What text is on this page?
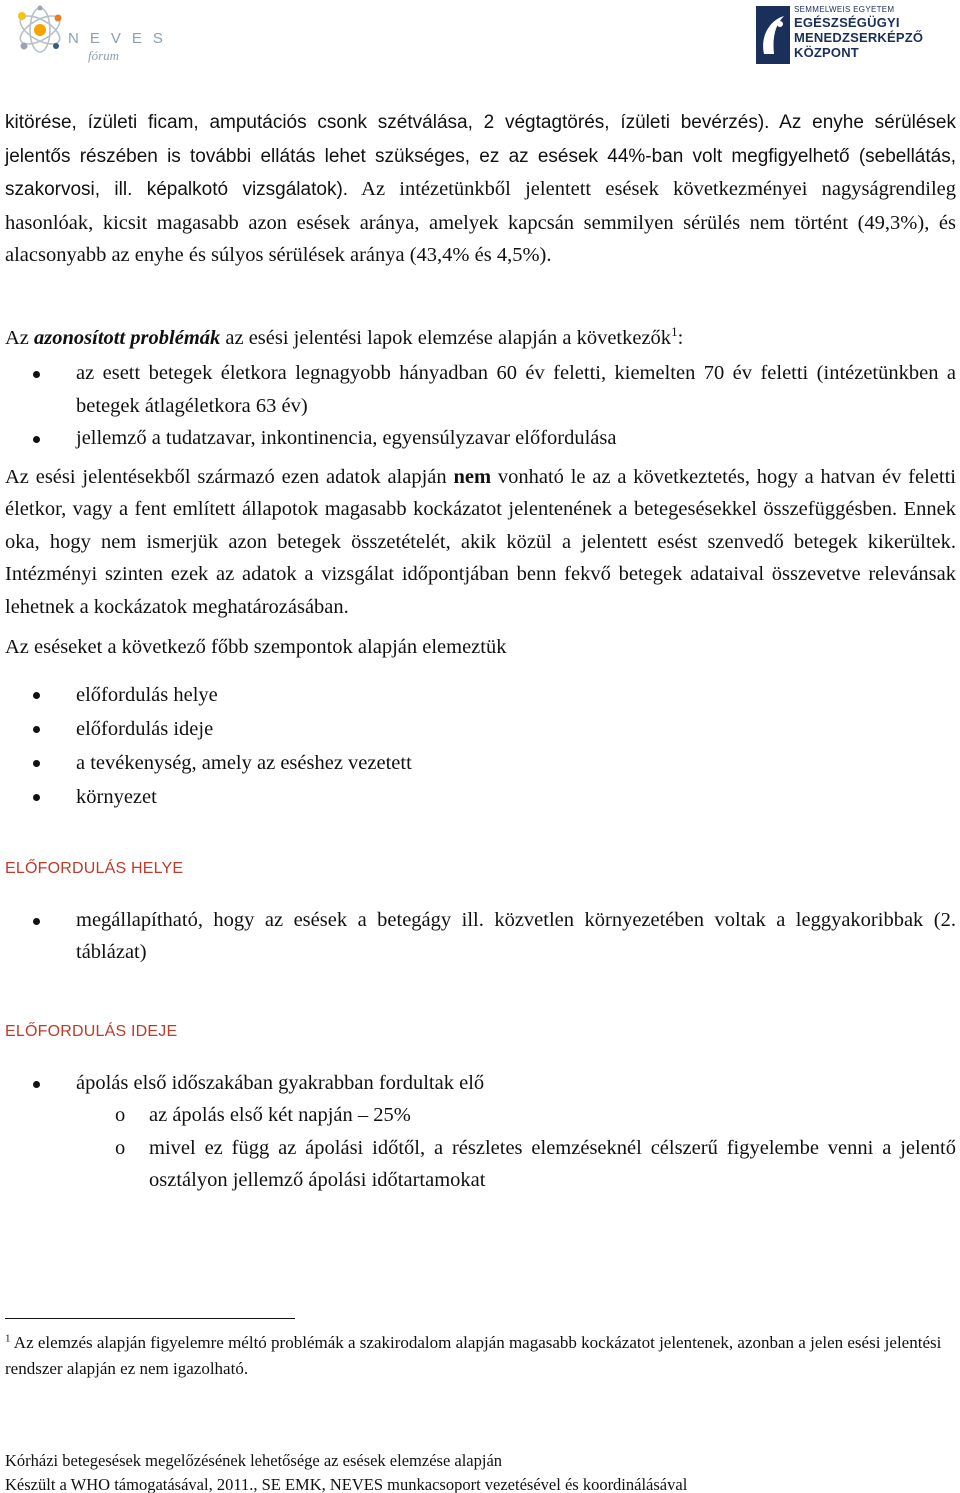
NEVES
fórum
SEMMELWEIS EGYETEM
EGÉSZSÉGÜGYI
MENEDZSERKÉPZŐ
KÖZPONT

kitörése, ízületi ficam, amputációs csonk szétválása, 2 végtagtörés, ízületi bevérzés). Az enyhe sérülések jelentős részében is további ellátás lehet szükséges, ez az esések 44%-ban volt megfigyelhető (sebellátás, szakorvosi, ill. képalkotó vizsgálatok). Az intézetünkből jelentett esések következményei nagyságrendileg hasonlóak, kicsit magasabb azon esések aránya, amelyek kapcsán semmilyen sérülés nem történt (49,3%), és alacsonyabb az enyhe és súlyos sérülések aránya (43,4% és 4,5%).

Az azonosított problémák az esési jelentési lapok elemzése alapján a következők$^1$:

az esett betegek életkora legnagyobb hányadban 60 év feletti, kiemelten 70 év feletti (intézetünkben a betegek átlagéletkora 63 év)
jellemző a tudatzavar, inkontinencia, egyensúlyzavar előfordulása

Az esési jelentésekből származó ezen adatok alapján nem vonható le az a következtetés, hogy a hatvan év feletti életkor, vagy a fent említett állapotok magasabb kockázatot jelentenének a betegesésekkel összefüggésben. Ennek oka, hogy nem ismerjük azon betegek összetételét, akik közül a jelentett esést szenvedő betegek kikerültek. Intézményi szinten ezek az adatok a vizsgálat időpontjában benn fekvő betegek adataival összevetve relevánsak lehetnek a kockázatok meghatározásában.

Az eséseket a következő főbb szempontok alapján elemeztük

előfordulás helye
előfordulás ideje
a tevékenység, amely az eséshez vezetett
környezet
ELŐFORDULÁS HELYE
megállapítható, hogy az esések a betegágy ill. közvetlen környezetében voltak a leggyakoribbak (2. táblázat)
ELŐFORDULÁS IDEJE
ápolás első időszakában gyakrabban fordultak elő
o az ápolás első két napján – 25%
o mivel ez függ az ápolási időtől, a részletes elemzéseknél célszerű figyelembe venni a jelentő osztályon jellemző ápolási időtartamokat
$^1$ Az elemzés alapján figyelemre méltó problémák a szakirodalom alapján magasabb kockázatot jelentenek, azonban a jelen esési jelentési rendszer alapján ez nem igazolható.
Kórházi betegesések megelőzésének lehetősége az esések elemzése alapján
Készült a WHO támogatásával, 2011., SE EMK, NEVES munkacsoport vezetésével és koordinálásával
